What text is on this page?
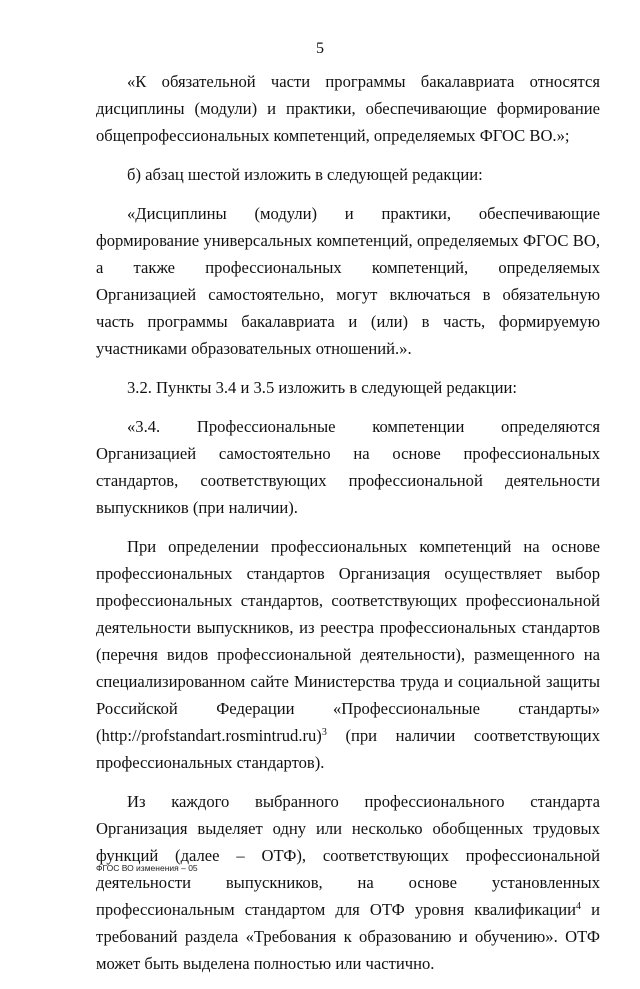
5

«К обязательной части программы бакалавриата относятся дисциплины (модули) и практики, обеспечивающие формирование общепрофессиональных компетенций, определяемых ФГОС ВО.»;

б) абзац шестой изложить в следующей редакции:

«Дисциплины (модули) и практики, обеспечивающие формирование универсальных компетенций, определяемых ФГОС ВО, а также профессиональных компетенций, определяемых Организацией самостоятельно, могут включаться в обязательную часть программы бакалавриата и (или) в часть, формируемую участниками образовательных отношений.».

3.2. Пункты 3.4 и 3.5 изложить в следующей редакции:

«3.4. Профессиональные компетенции определяются Организацией самостоятельно на основе профессиональных стандартов, соответствующих профессиональной деятельности выпускников (при наличии).

При определении профессиональных компетенций на основе профессиональных стандартов Организация осуществляет выбор профессиональных стандартов, соответствующих профессиональной деятельности выпускников, из реестра профессиональных стандартов (перечня видов профессиональной деятельности), размещенного на специализированном сайте Министерства труда и социальной защиты Российской Федерации «Профессиональные стандарты» (http://profstandart.rosmintrud.ru)$^3$ (при наличии соответствующих профессиональных стандартов).

Из каждого выбранного профессионального стандарта Организация выделяет одну или несколько обобщенных трудовых функций (далее – ОТФ), соответствующих профессиональной деятельности выпускников, на основе установленных профессиональным стандартом для ОТФ уровня квалификации$^4$ и требований раздела «Требования к образованию и обучению». ОТФ может быть выделена полностью или частично.

ФГОС ВО изменения – 05
